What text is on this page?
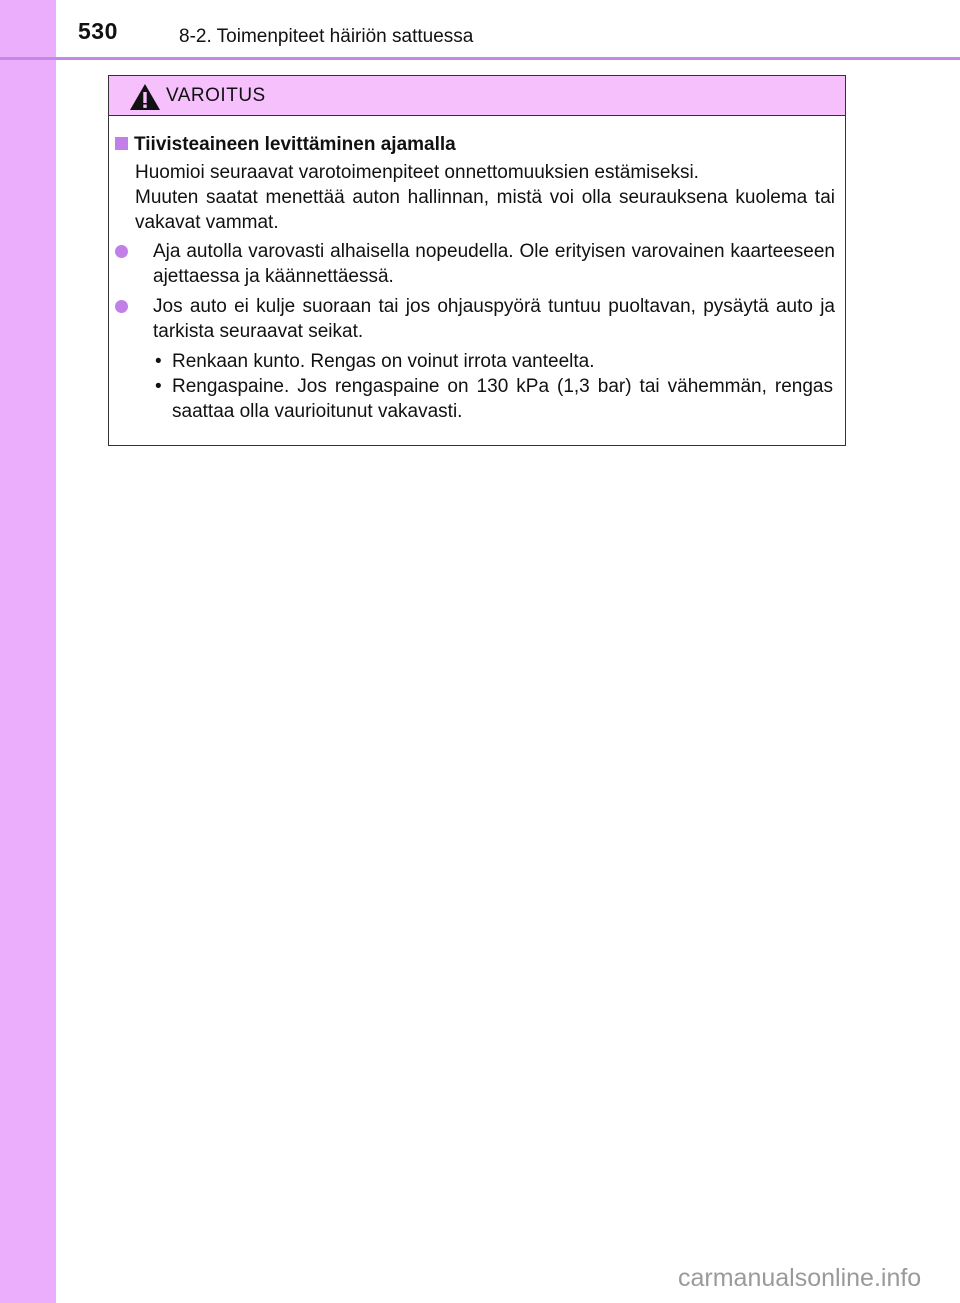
530	8-2. Toimenpiteet häiriön sattuessa
VAROITUS
Tiivisteaineen levittäminen ajamalla

Huomioi seuraavat varotoimenpiteet onnettomuuksien estämiseksi.

Muuten saatat menettää auton hallinnan, mistä voi olla seurauksena kuolema tai vakavat vammat.

Aja autolla varovasti alhaisella nopeudella. Ole erityisen varovainen kaarteeseen ajettaessa ja käännettäessä.
Jos auto ei kulje suoraan tai jos ohjauspyörä tuntuu puoltavan, pysäytä auto ja tarkista seuraavat seikat.
• Renkaan kunto. Rengas on voinut irrota vanteelta.
• Rengaspaine. Jos rengaspaine on 130 kPa (1,3 bar) tai vähemmän, rengas saattaa olla vaurioitunut vakavasti.
carmanualsonline.info
